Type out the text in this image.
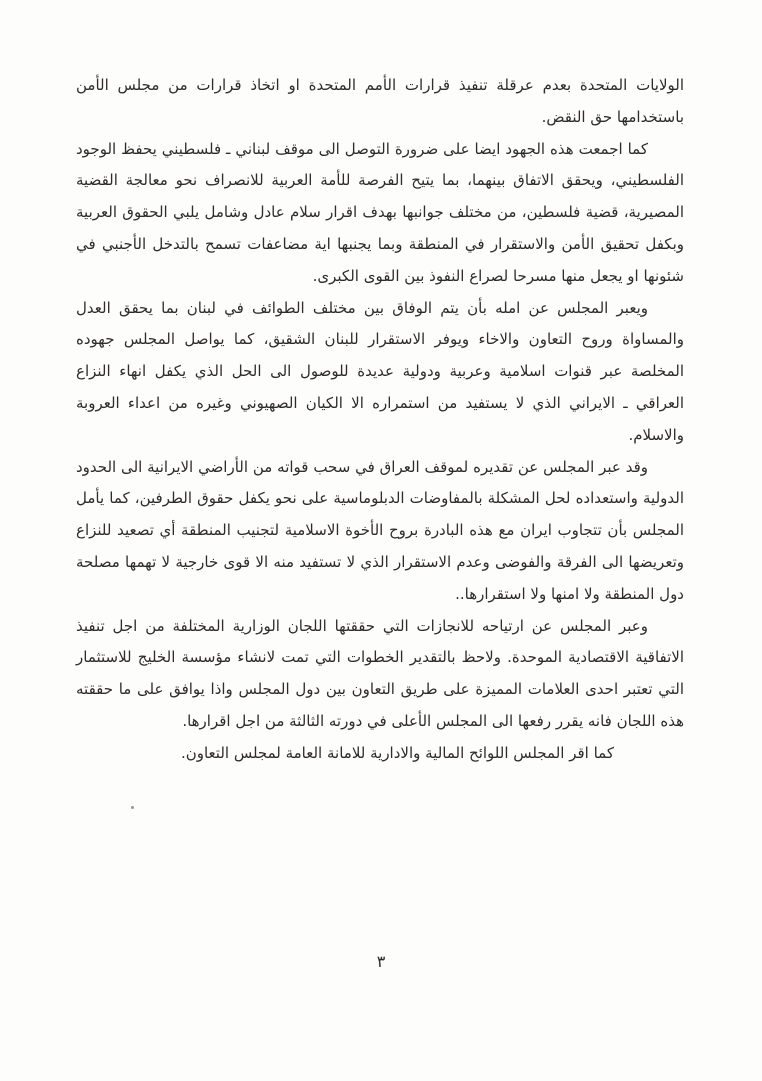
الولايات المتحدة بعدم عرقلة تنفيذ قرارات الأمم المتحدة او اتخاذ قرارات من مجلس الأمن باستخدامها حق النقض.

كما اجمعت هذه الجهود ايضا على ضرورة التوصل الى موقف لبناني ـ فلسطيني يحفظ الوجود الفلسطيني، ويحقق الاتفاق بينهما، بما يتيح الفرصة للأمة العربية للانصراف نحو معالجة القضية المصيرية، قضية فلسطين، من مختلف جوانبها بهدف اقرار سلام عادل وشامل يلبي الحقوق العربية وبكفل تحقيق الأمن والاستقرار في المنطقة وبما يجنبها اية مضاعفات تسمح بالتدخل الأجنبي في شئونها او يجعل منها مسرحا لصراع النفوذ بين القوى الكبرى.

ويعبر المجلس عن امله بأن يتم الوفاق بين مختلف الطوائف في لبنان بما يحقق العدل والمساواة وروح التعاون والاخاء ويوفر الاستقرار للبنان الشقيق، كما يواصل المجلس جهوده المخلصة عبر قنوات اسلامية وعربية ودولية عديدة للوصول الى الحل الذي يكفل انهاء النزاع العراقي ـ الايراني الذي لا يستفيد من استمراره الا الكيان الصهيوني وغيره من اعداء العروبة والاسلام.

وقد عبر المجلس عن تقديره لموقف العراق في سحب قواته من الأراضي الايرانية الى الحدود الدولية واستعداده لحل المشكلة بالمفاوضات الدبلوماسية على نحو يكفل حقوق الطرفين، كما يأمل المجلس بأن تتجاوب ايران مع هذه البادرة بروح الأخوة الاسلامية لتجنيب المنطقة أي تصعيد للنزاع وتعريضها الى الفرقة والفوضى وعدم الاستقرار الذي لا تستفيد منه الا قوى خارجية لا تهمها مصلحة دول المنطقة ولا امنها ولا استقرارها..

وعبر المجلس عن ارتياحه للانجازات التي حققتها اللجان الوزارية المختلفة من اجل تنفيذ الاتفاقية الاقتصادية الموحدة. ولاحظ بالتقدير الخطوات التي تمت لانشاء مؤسسة الخليج للاستثمار التي تعتبر احدى العلامات المميزة على طريق التعاون بين دول المجلس واذا يوافق على ما حققته هذه اللجان فانه يقرر رفعها الى المجلس الأعلى في دورته الثالثة من اجل اقرارها.

كما اقر المجلس اللوائح المالية والادارية للامانة العامة لمجلس التعاون.

٣
